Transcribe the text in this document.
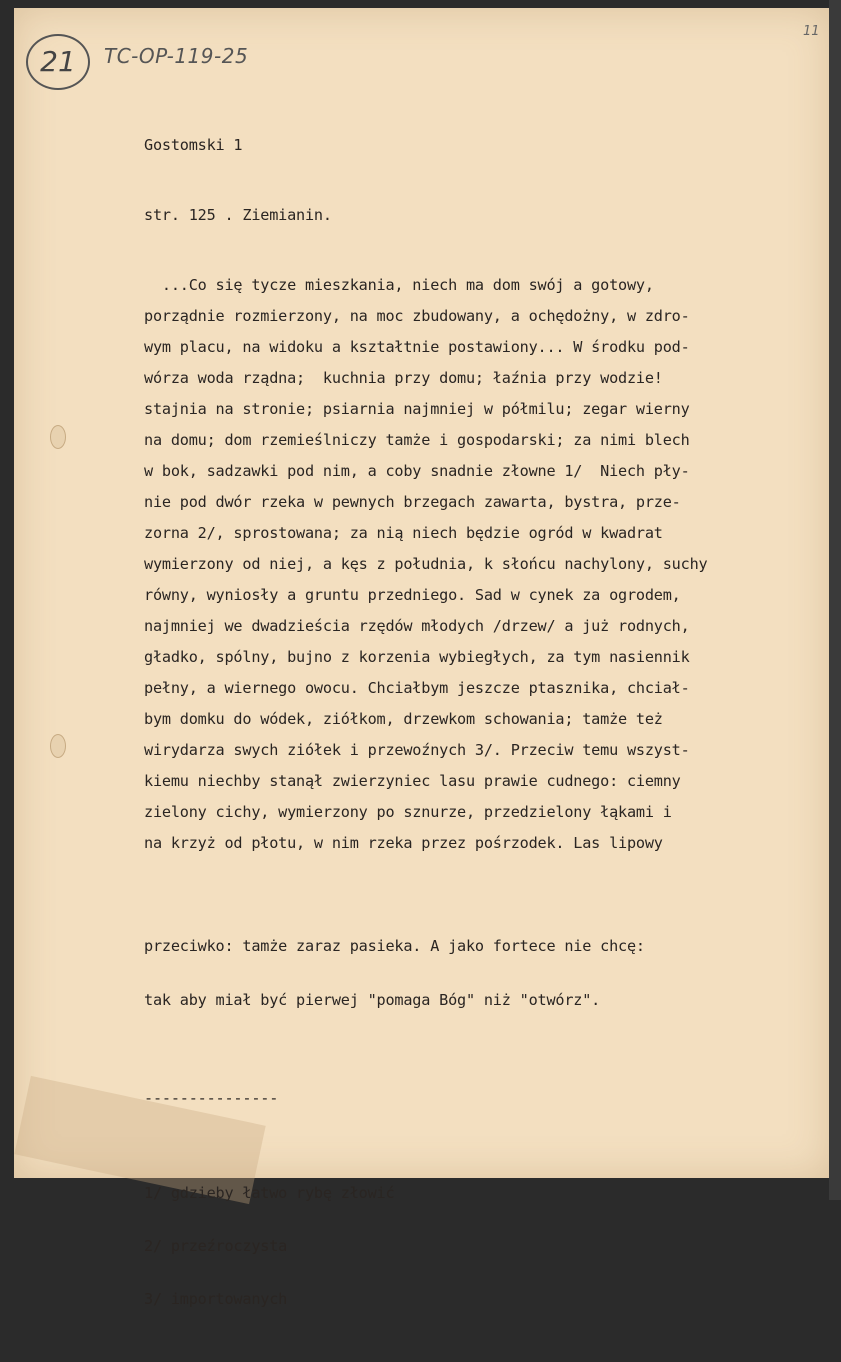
21	TC-OP-119-25
11

Gostomski 1

str. 125 . Ziemianin.

...Co się tycze mieszkania, niech ma dom swój a gotowy,
porządnie rozmierzony, na moc zbudowany, a ochędożny, w zdro-
wym placu, na widoku a kształtnie postawiony... W środku pod-
wórza woda rządna;  kuchnia przy domu; łaźnia przy wodzie!
stajnia na stronie; psiarnia najmniej w półmilu; zegar wierny
na domu; dom rzemieślniczy tamże i gospodarski; za nimi blech
w bok, sadzawki pod nim, a coby snadnie złowne 1/  Niech pły-
nie pod dwór rzeka w pewnych brzegach zawarta, bystra, prze-
zorna 2/, sprostowana; za nią niech będzie ogród w kwadrat
wymierzony od niej, a kęs z południa, k słońcu nachylony, suchy
równy, wyniosły a gruntu przedniego. Sad w cynek za ogrodem,
najmniej we dwadzieścia rzędów młodych /drzew/ a już rodnych,
gładko, spólny, bujno z korzenia wybiegłych, za tym nasiennik
pełny, a wiernego owocu. Chciałbym jeszcze ptasznika, chciał-
bym domku do wódek, ziółkom, drzewkom schowania; tamże też
wirydarza swych ziółek i przewoźnych 3/. Przeciw temu wszyst-
kiemu niechby stanął zwierzyniec lasu prawie cudnego: ciemny
zielony cichy, wymierzony po sznurze, przedzielony łąkami i
na krzyż od płotu, w nim rzeka przez pośrzodek. Las lipowy

przeciwko: tamże zaraz pasieka. A jako fortece nie chcę:

tak aby miał być pierwej "pomaga Bóg" niż "otwórz".

---------------

1/ gdzieby łatwo rybę złowić

2/ przeźroczysta

3/ importowanych
